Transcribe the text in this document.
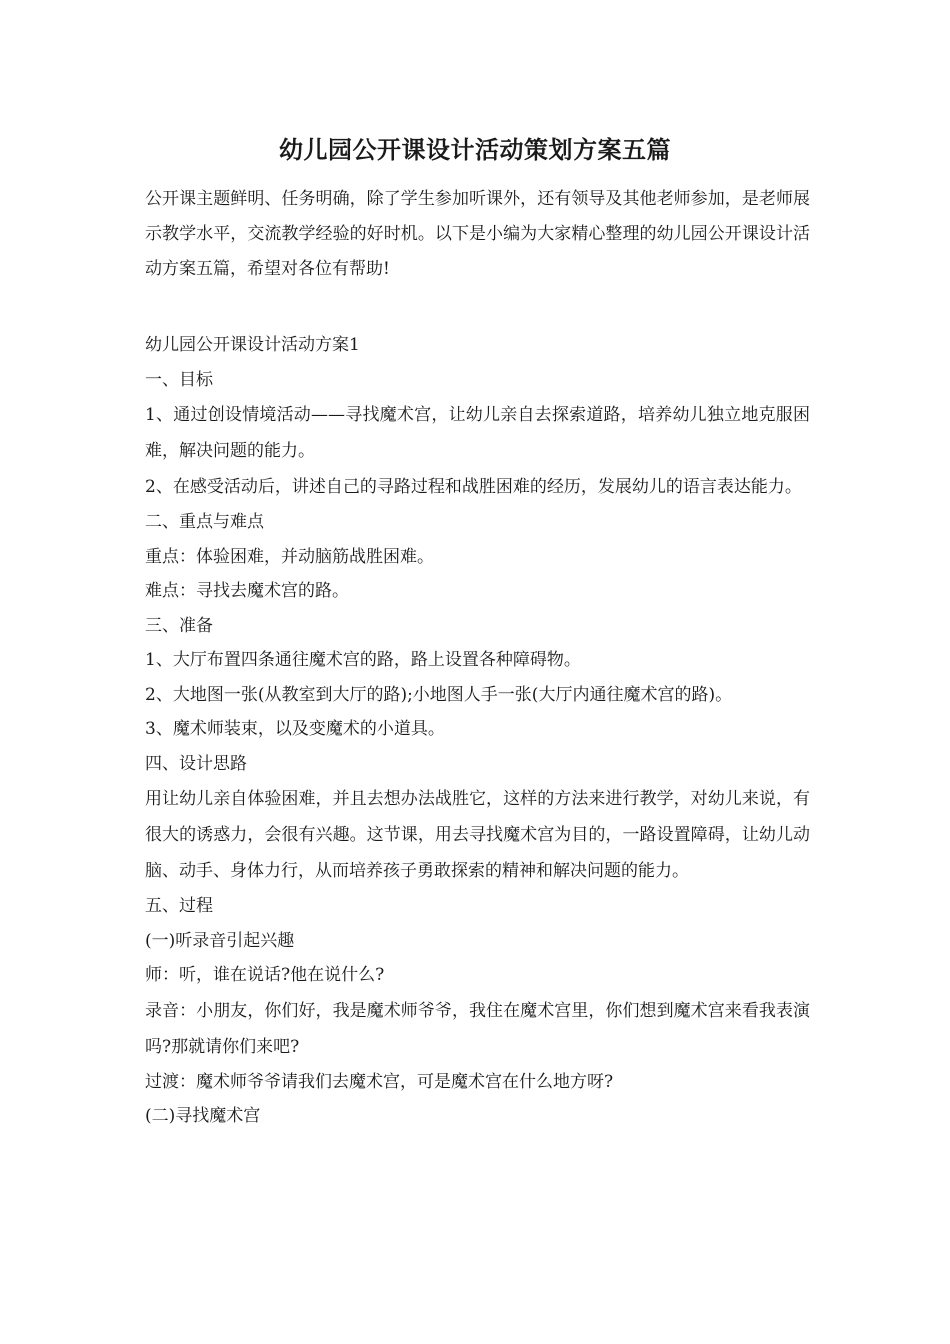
幼儿园公开课设计活动策划方案五篇
公开课主题鲜明、任务明确，除了学生参加听课外，还有领导及其他老师参加，是老师展示教学水平，交流教学经验的好时机。以下是小编为大家精心整理的幼儿园公开课设计活动方案五篇，希望对各位有帮助!

幼儿园公开课设计活动方案1

一、目标

1、通过创设情境活动——寻找魔术宫，让幼儿亲自去探索道路，培养幼儿独立地克服困难，解决问题的能力。

2、在感受活动后，讲述自己的寻路过程和战胜困难的经历，发展幼儿的语言表达能力。

二、重点与难点

重点：体验困难，并动脑筋战胜困难。

难点：寻找去魔术宫的路。

三、准备

1、大厅布置四条通往魔术宫的路，路上设置各种障碍物。

2、大地图一张(从教室到大厅的路);小地图人手一张(大厅内通往魔术宫的路)。

3、魔术师装束，以及变魔术的小道具。

四、设计思路

用让幼儿亲自体验困难，并且去想办法战胜它，这样的方法来进行教学，对幼儿来说，有很大的诱惑力，会很有兴趣。这节课，用去寻找魔术宫为目的，一路设置障碍，让幼儿动脑、动手、身体力行，从而培养孩子勇敢探索的精神和解决问题的能力。

五、过程

(一)听录音引起兴趣

师：听，谁在说话?他在说什么?

录音：小朋友，你们好，我是魔术师爷爷，我住在魔术宫里，你们想到魔术宫来看我表演吗?那就请你们来吧?

过渡：魔术师爷爷请我们去魔术宫，可是魔术宫在什么地方呀?

(二)寻找魔术宫
